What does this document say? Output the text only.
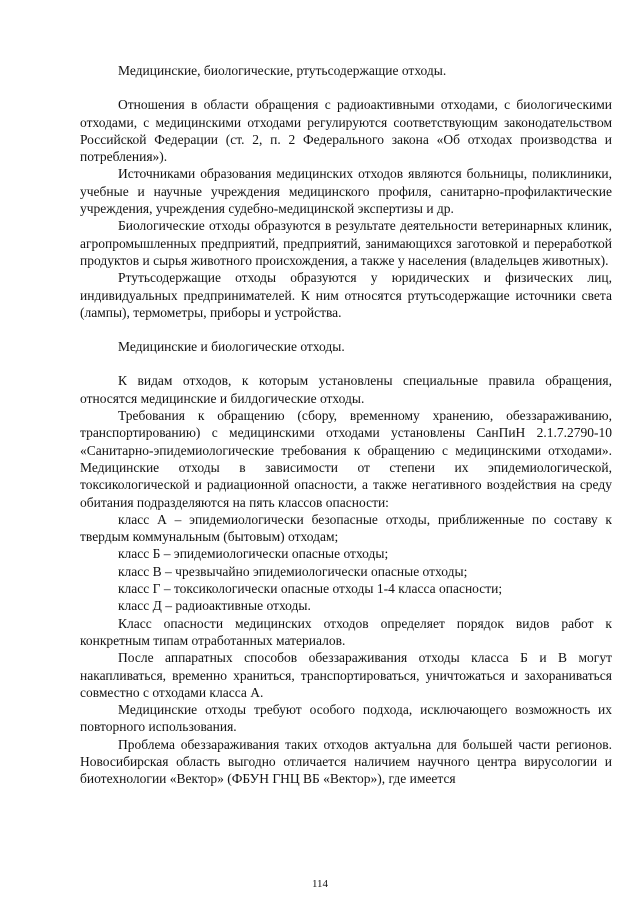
Медицинские, биологические, ртутьсодержащие отходы.

Отношения в области обращения с радиоактивными отходами, с биологическими отходами, с медицинскими отходами регулируются соответствующим законодательством Российской Федерации (ст. 2, п. 2 Федерального закона «Об отходах производства и потребления»).

Источниками образования медицинских отходов являются больницы, поликлиники, учебные и научные учреждения медицинского профиля, санитарно-профилактические учреждения, учреждения судебно-медицинской экспертизы и др.

Биологические отходы образуются в результате деятельности ветеринарных клиник, агропромышленных предприятий, предприятий, занимающихся заготовкой и переработкой продуктов и сырья животного происхождения, а также у населения (владельцев животных).

Ртутьсодержащие отходы образуются у юридических и физических лиц, индивидуальных предпринимателей. К ним относятся ртутьсодержащие источники света (лампы), термометры, приборы и устройства.

Медицинские и биологические отходы.

К видам отходов, к которым установлены специальные правила обращения, относятся медицинские и билдогические отходы.

Требования к обращению (сбору, временному хранению, обеззараживанию, транспортированию) с медицинскими отходами установлены СанПиН 2.1.7.2790-10 «Санитарно-эпидемиологические требования к обращению с медицинскими отходами». Медицинские отходы в зависимости от степени их эпидемиологической, токсикологической и радиационной опасности, а также негативного воздействия на среду обитания подразделяются на пять классов опасности:

класс А – эпидемиологически безопасные отходы, приближенные по составу к твердым коммунальным (бытовым) отходам;
класс Б – эпидемиологически опасные отходы;
класс В – чрезвычайно эпидемиологически опасные отходы;
класс Г – токсикологически опасные отходы 1-4 класса опасности;
класс Д – радиоактивные отходы.

Класс опасности медицинских отходов определяет порядок видов работ к конкретным типам отработанных материалов.

После аппаратных способов обеззараживания отходы класса Б и В могут накапливаться, временно храниться, транспортироваться, уничтожаться и захораниваться совместно с отходами класса А.

Медицинские отходы требуют особого подхода, исключающего возможность их повторного использования.

Проблема обеззараживания таких отходов актуальна для большей части регионов. Новосибирская область выгодно отличается наличием научного центра вирусологии и биотехнологии «Вектор» (ФБУН ГНЦ ВБ «Вектор»), где имеется

114
